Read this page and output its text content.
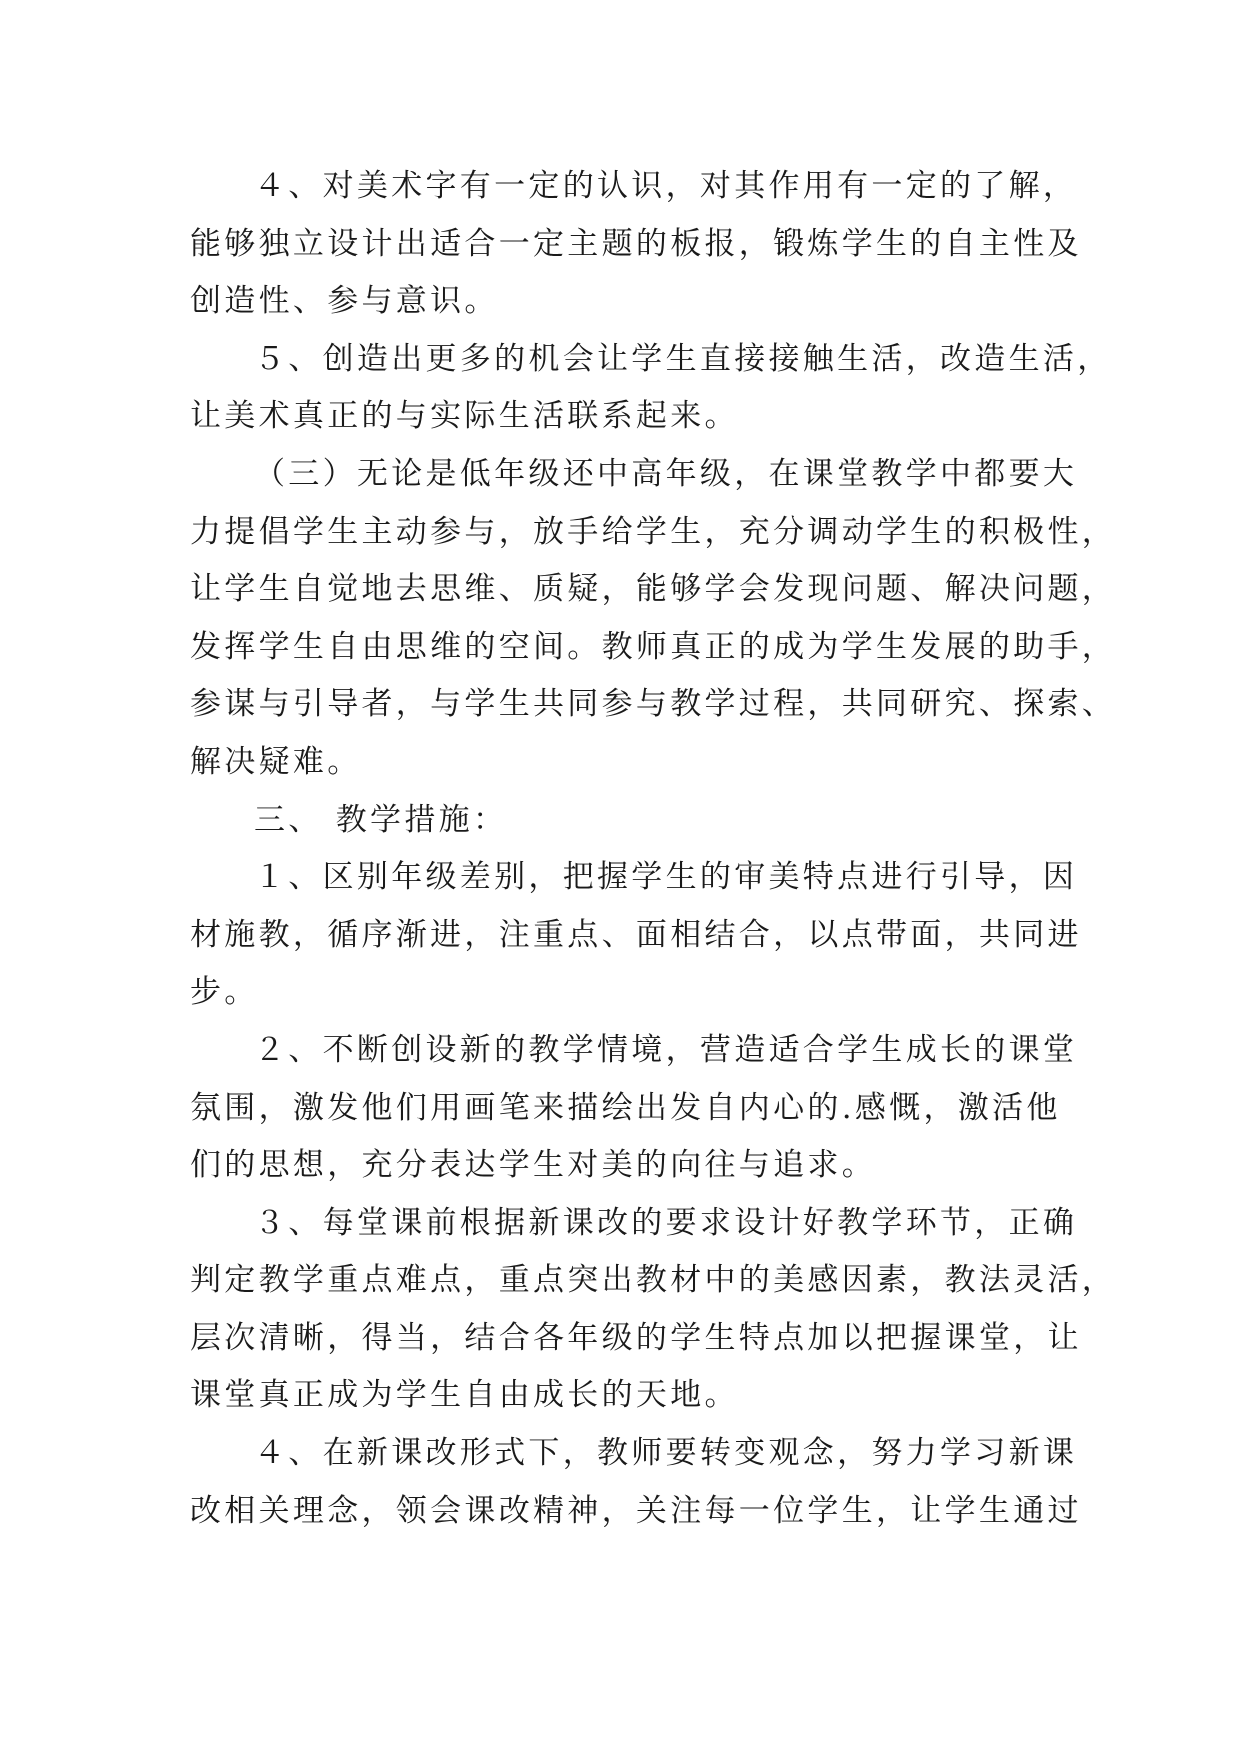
４、对美术字有一定的认识，对其作用有一定的了解，
能够独立设计出适合一定主题的板报，锻炼学生的自主性及
创造性、参与意识。

５、创造出更多的机会让学生直接接触生活，改造生活，
让美术真正的与实际生活联系起来。

（三）无论是低年级还中高年级，在课堂教学中都要大
力提倡学生主动参与，放手给学生，充分调动学生的积极性，
让学生自觉地去思维、质疑，能够学会发现问题、解决问题，
发挥学生自由思维的空间。教师真正的成为学生发展的助手，
参谋与引导者，与学生共同参与教学过程，共同研究、探索、
解决疑难。

三、 教学措施：

１、区别年级差别，把握学生的审美特点进行引导，因
材施教，循序渐进，注重点、面相结合，以点带面，共同进
步。

２、不断创设新的教学情境，营造适合学生成长的课堂
氛围，激发他们用画笔来描绘出发自内心的.感慨，激活他
们的思想，充分表达学生对美的向往与追求。

３、每堂课前根据新课改的要求设计好教学环节，正确
判定教学重点难点，重点突出教材中的美感因素，教法灵活，
层次清晰，得当，结合各年级的学生特点加以把握课堂，让
课堂真正成为学生自由成长的天地。

４、在新课改形式下，教师要转变观念，努力学习新课
改相关理念，领会课改精神，关注每一位学生，让学生通过
